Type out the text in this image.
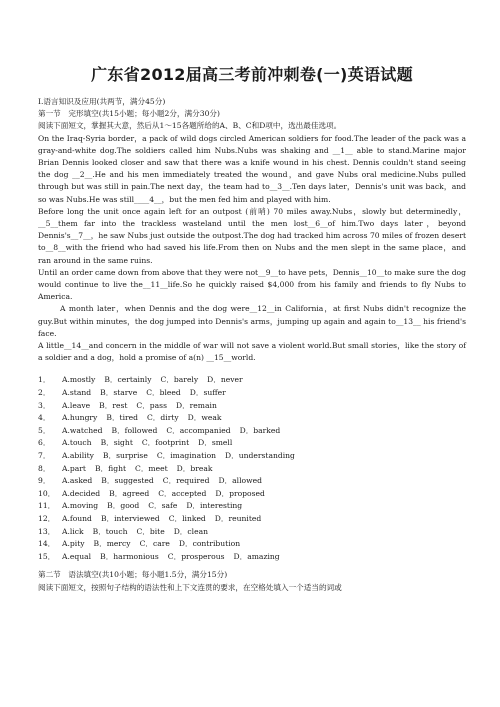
广东省2012届高三考前冲刺卷(一)英语试题

Ⅰ.语言知识及应用(共两节，满分45分)

第一节　完形填空(共15小题；每小题2分，满分30分)

阅读下面短文，掌握其大意，然后从1～15各题所给的A、B、C和D项中，选出最佳选项。

On the Iraq-Syria border，a pack of wild dogs circled American soldiers for food.The leader of the pack was a gray-and-white dog.The soldiers called him Nubs.Nubs was shaking and __1__ able to stand.Marine major Brian Dennis looked closer and saw that there was a knife wound in his chest. Dennis couldn't stand seeing the dog __2__.He and his men immediately treated the wound，and gave Nubs oral medicine.Nubs pulled through but was still in pain.The next day，the team had to__3__.Ten days later，Dennis's unit was back，and so was Nubs.He was still____4__，but the men fed him and played with him.

Before long the unit once again left for an outpost (前哨) 70 miles away.Nubs，slowly but determinedly，__5__them far into the trackless wasteland until the men lost__6__of him.Two days later，beyond Dennis's__7__，he saw Nubs just outside the outpost.The dog had tracked him across 70 miles of frozen desert to__8__with the friend who had saved his life.From then on Nubs and the men slept in the same place，and ran around in the same ruins.

Until an order came down from above that they were not__9__to have pets，Dennis__10__to make sure the dog would continue to live the__11__life.So he quickly raised $4,000 from his family and friends to fly Nubs to America.

A month later，when Dennis and the dog were__12__in California，at first Nubs didn't recognize the guy.But within minutes，the dog jumped into Dennis's arms，jumping up again and again to__13__ his friend's face.

A little__14__and concern in the middle of war will not save a violent world.But small stories，like the story of a soldier and a dog，hold a promise of a(n) __15__world.

1．	A.mostly B．certainly C．barely D．never
2．	A.stand B．starve C．bleed D．suffer
3．	A.leave B．rest C．pass D．remain
4．	A.hungry B．tired C．dirty D．weak
5．	A.watched B．followed C．accompanied D．barked
6．	A.touch B．sight C．footprint D．smell
7．	A.ability B．surprise C．imagination D．understanding
8．	A.part B．fight C．meet D．break
9．	A.asked B．suggested C．required D．allowed
10． A.decided B．agreed C．accepted D．proposed
11． A.moving B．good C．safe D．interesting
12． A.found B．interviewed C．linked D．reunited
13． A.lick B．touch C．bite D．clean
14． A.pity B．mercy C．care D．contribution
15． A.equal B．harmonious C．prosperous D．amazing

第二节　语法填空(共10小题；每小题1.5分，满分15分)

阅读下面短文，按照句子结构的语法性和上下文连贯的要求，在空格处填入一个适当的词或
